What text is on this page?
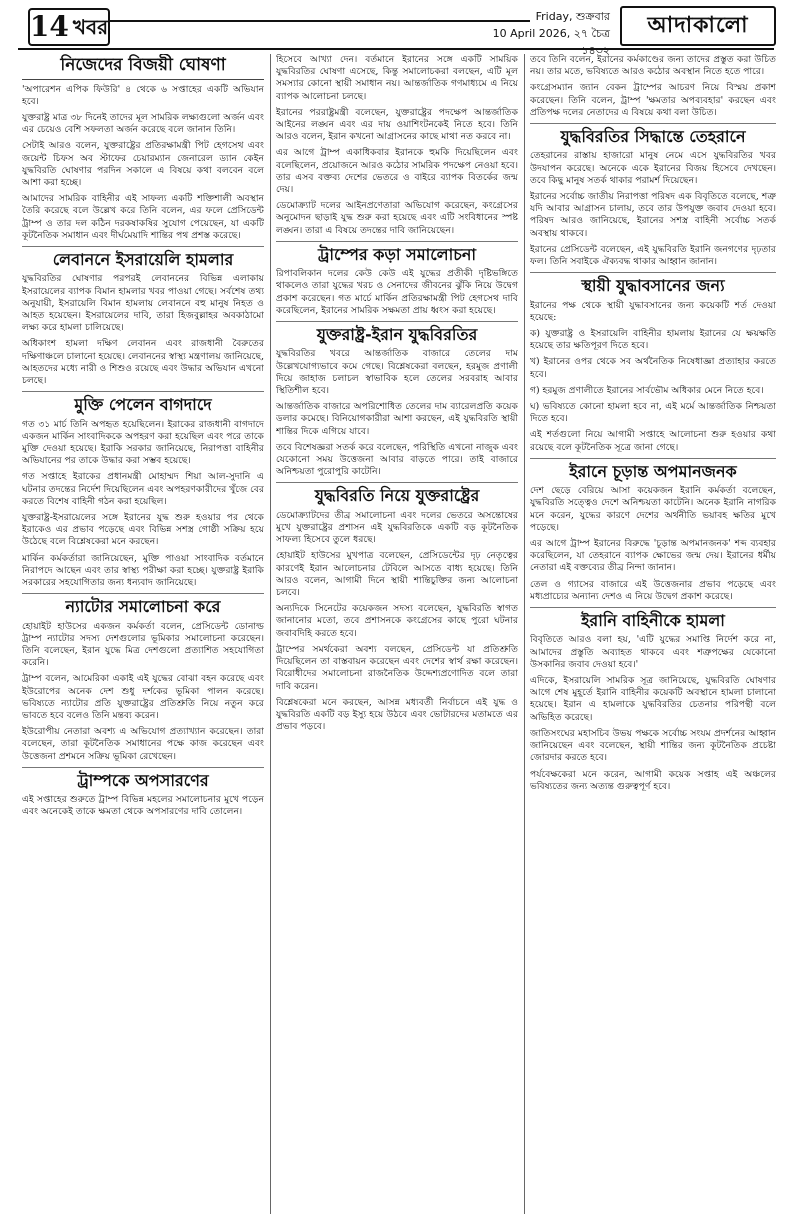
14 খবর	Friday, শুক্রবার
10 April 2026, ২৭ চৈত্র ১৪৩২
আদাকালো
নিজেদের বিজয়ী ঘোষণা

'অপারেশন এপিক ফিউরি' ৪ থেকে ৬ সপ্তাহের একটি অভিযান হবে।

যুক্তরাষ্ট্র মাত্র ৩৮ দিনেই তাদের মূল সামরিক লক্ষ্যগুলো অর্জন এবং এর চেয়েও বেশি সফলতা অর্জন করেছে বলে জানান তিনি।

সেটাই আরও বলেন, যুক্তরাষ্ট্রের প্রতিরক্ষামন্ত্রী পিট হেগসেথ এবং জয়েন্ট চিফস অব স্টাফের চেয়ারম্যান জেনারেল ড্যান কেইন যুদ্ধবিরতি ঘোষণার পরদিন সকালে এ বিষয়ে কথা বলবেন বলে আশা করা হচ্ছে।

আমাদের সামরিক বাহিনীর এই সাফল্য একটি শক্তিশালী অবস্থান তৈরি করেছে বলে উল্লেখ করে তিনি বলেন, এর ফলে প্রেসিডেন্ট ট্রাম্প ও তার দল কঠিন দরকষাকষির সুযোগ পেয়েছেন, যা একটি কূটনৈতিক সমাধান এবং দীর্ঘমেয়াদি শান্তির পথ প্রশস্ত করেছে।

লেবাননে ইসরায়েলি হামলার

যুদ্ধবিরতির ঘোষণার পরপরই লেবাননের বিভিন্ন এলাকায় ইসরায়েলের ব্যাপক বিমান হামলার খবর পাওয়া গেছে। সর্বশেষ তথ্য অনুযায়ী, ইসরায়েলি বিমান হামলায় লেবাননে বহু মানুষ নিহত ও আহত হয়েছেন। ইসরায়েলের দাবি, তারা হিজবুল্লাহর অবকাঠামো লক্ষ্য করে হামলা চালিয়েছে।

অধিকাংশ হামলা দক্ষিণ লেবানন এবং রাজধানী বৈরুতের দক্ষিণাঞ্চলে চালানো হয়েছে। লেবাননের স্বাস্থ্য মন্ত্রণালয় জানিয়েছে, আহতদের মধ্যে নারী ও শিশুও রয়েছে এবং উদ্ধার অভিযান এখনো চলছে।

মুক্তি পেলেন বাগদাদে

গত ৩১ মার্চ তিনি অপহৃত হয়েছিলেন। ইরাকের রাজধানী বাগদাদে একজন মার্কিন সাংবাদিককে অপহরণ করা হয়েছিল এবং পরে তাকে মুক্তি দেওয়া হয়েছে। ইরাকি সরকার জানিয়েছে, নিরাপত্তা বাহিনীর অভিযানের পর তাকে উদ্ধার করা সম্ভব হয়েছে।

গত সপ্তাহে ইরাকের প্রধানমন্ত্রী মোহাম্মদ শিয়া আল-সুদানি এ ঘটনার তদন্তের নির্দেশ দিয়েছিলেন এবং অপহরণকারীদের খুঁজে বের করতে বিশেষ বাহিনী গঠন করা হয়েছিল।

যুক্তরাষ্ট্র-ইসরায়েলের সঙ্গে ইরানের যুদ্ধ শুরু হওয়ার পর থেকে ইরাকেও এর প্রভাব পড়েছে এবং বিভিন্ন সশস্ত্র গোষ্ঠী সক্রিয় হয়ে উঠেছে বলে বিশ্লেষকেরা মনে করছেন।

মার্কিন কর্মকর্তারা জানিয়েছেন, মুক্তি পাওয়া সাংবাদিক বর্তমানে নিরাপদে আছেন এবং তার স্বাস্থ্য পরীক্ষা করা হচ্ছে। যুক্তরাষ্ট্র ইরাকি সরকারের সহযোগিতার জন্য ধন্যবাদ জানিয়েছে।

ন্যাটোর সমালোচনা করে

হোয়াইট হাউসের একজন কর্মকর্তা বলেন, প্রেসিডেন্ট ডোনাল্ড ট্রাম্প ন্যাটোর সদস্য দেশগুলোর ভূমিকার সমালোচনা করেছেন। তিনি বলেছেন, ইরান যুদ্ধে মিত্র দেশগুলো প্রত্যাশিত সহযোগিতা করেনি।

ট্রাম্প বলেন, আমেরিকা একাই এই যুদ্ধের বোঝা বহন করেছে এবং ইউরোপের অনেক দেশ শুধু দর্শকের ভূমিকা পালন করেছে। ভবিষ্যতে ন্যাটোর প্রতি যুক্তরাষ্ট্রের প্রতিশ্রুতি নিয়ে নতুন করে ভাবতে হবে বলেও তিনি মন্তব্য করেন।

ইউরোপীয় নেতারা অবশ্য এ অভিযোগ প্রত্যাখ্যান করেছেন। তারা বলেছেন, তারা কূটনৈতিক সমাধানের পক্ষে কাজ করেছেন এবং উত্তেজনা প্রশমনে সক্রিয় ভূমিকা রেখেছেন।

ট্রাম্পকে অপসারণের

এই সপ্তাহের শুরুতে ট্রাম্প বিভিন্ন মহলের সমালোচনার মুখে পড়েন এবং অনেকেই তাকে ক্ষমতা থেকে অপসারণের দাবি তোলেন।

হিসেবে আখ্যা দেন। বর্তমানে ইরানের সঙ্গে একটি সাময়িক যুদ্ধবিরতির ঘোষণা এসেছে, কিন্তু সমালোচকরা বলছেন, এটি মূল সমস্যার কোনো স্থায়ী সমাধান নয়। আন্তর্জাতিক গণমাধ্যমে এ নিয়ে ব্যাপক আলোচনা চলছে।

ইরানের পররাষ্ট্রমন্ত্রী বলেছেন, যুক্তরাষ্ট্রের পদক্ষেপ আন্তর্জাতিক আইনের লঙ্ঘন এবং এর দায় ওয়াশিংটনকেই নিতে হবে। তিনি আরও বলেন, ইরান কখনো আগ্রাসনের কাছে মাথা নত করবে না।

এর আগে ট্রাম্প একাধিকবার ইরানকে হুমকি দিয়েছিলেন এবং বলেছিলেন, প্রয়োজনে আরও কঠোর সামরিক পদক্ষেপ নেওয়া হবে। তার এসব বক্তব্য দেশের ভেতরে ও বাইরে ব্যাপক বিতর্কের জন্ম দেয়।

ডেমোক্র্যাট দলের আইনপ্রণেতারা অভিযোগ করেছেন, কংগ্রেসের অনুমোদন ছাড়াই যুদ্ধ শুরু করা হয়েছে এবং এটি সংবিধানের স্পষ্ট লঙ্ঘন। তারা এ বিষয়ে তদন্তের দাবি জানিয়েছেন।

ট্রাম্পের কড়া সমালোচনা

রিপাবলিকান দলের কেউ কেউ এই যুদ্ধের প্রতীকী দৃষ্টিভঙ্গিতে থাকলেও তারা যুদ্ধের খরচ ও সেনাদের জীবনের ঝুঁকি নিয়ে উদ্বেগ প্রকাশ করেছেন। গত মার্চে মার্কিন প্রতিরক্ষামন্ত্রী পিট হেগসেথ দাবি করেছিলেন, ইরানের সামরিক সক্ষমতা প্রায় ধ্বংস করা হয়েছে।

যুক্তরাষ্ট্র-ইরান যুদ্ধবিরতির

যুদ্ধবিরতির খবরে আন্তর্জাতিক বাজারে তেলের দাম উল্লেখযোগ্যভাবে কমে গেছে। বিশ্লেষকেরা বলছেন, হরমুজ প্রণালী দিয়ে জাহাজ চলাচল স্বাভাবিক হলে তেলের সরবরাহ আবার স্থিতিশীল হবে।

আন্তর্জাতিক বাজারে অপরিশোধিত তেলের দাম ব্যারেলপ্রতি কয়েক ডলার কমেছে। বিনিয়োগকারীরা আশা করছেন, এই যুদ্ধবিরতি স্থায়ী শান্তির দিকে এগিয়ে যাবে।

তবে বিশেষজ্ঞরা সতর্ক করে বলেছেন, পরিস্থিতি এখনো নাজুক এবং যেকোনো সময় উত্তেজনা আবার বাড়তে পারে। তাই বাজারে অনিশ্চয়তা পুরোপুরি কাটেনি।

যুদ্ধবিরতি নিয়ে যুক্তরাষ্ট্রের

ডেমোক্র্যাটদের তীব্র সমালোচনা এবং দলের ভেতরে অসন্তোষের মুখে যুক্তরাষ্ট্রের প্রশাসন এই যুদ্ধবিরতিকে একটি বড় কূটনৈতিক সাফল্য হিসেবে তুলে ধরছে।

হোয়াইট হাউসের মুখপাত্র বলেছেন, প্রেসিডেন্টের দৃঢ় নেতৃত্বের কারণেই ইরান আলোচনার টেবিলে আসতে বাধ্য হয়েছে। তিনি আরও বলেন, আগামী দিনে স্থায়ী শান্তিচুক্তির জন্য আলোচনা চলবে।

অন্যদিকে সিনেটের কয়েকজন সদস্য বলেছেন, যুদ্ধবিরতি স্বাগত জানানোর মতো, তবে প্রশাসনকে কংগ্রেসের কাছে পুরো ঘটনার জবাবদিহি করতে হবে।

ট্রাম্পের সমর্থকেরা অবশ্য বলছেন, প্রেসিডেন্ট যা প্রতিশ্রুতি দিয়েছিলেন তা বাস্তবায়ন করেছেন এবং দেশের স্বার্থ রক্ষা করেছেন। বিরোধীদের সমালোচনা রাজনৈতিক উদ্দেশ্যপ্রণোদিত বলে তারা দাবি করেন।

বিশ্লেষকেরা মনে করছেন, আসন্ন মধ্যবর্তী নির্বাচনে এই যুদ্ধ ও যুদ্ধবিরতি একটি বড় ইস্যু হয়ে উঠবে এবং ভোটারদের মতামতে এর প্রভাব পড়বে।

তবে তিনি বলেন, ইরানের কর্মকাণ্ডের জন্য তাদের প্রস্তুত করা উচিত নয়। তার মতে, ভবিষ্যতে আরও কঠোর অবস্থান নিতে হতে পারে।

কংগ্রেসম্যান জ্যান বেকন ট্রাম্পের আচরণ নিয়ে বিস্ময় প্রকাশ করেছেন। তিনি বলেন, ট্রাম্প 'ক্ষমতার অপব্যবহার' করছেন এবং প্রতিপক্ষ দলের নেতাদের এ বিষয়ে কথা বলা উচিত।

যুদ্ধবিরতির সিদ্ধান্তে তেহরানে

তেহরানের রাস্তায় হাজারো মানুষ নেমে এসে যুদ্ধবিরতির খবর উদযাপন করেছে। অনেকে একে ইরানের বিজয় হিসেবে দেখছেন। তবে কিছু মানুষ সতর্ক থাকার পরামর্শ দিয়েছেন।

ইরানের সর্বোচ্চ জাতীয় নিরাপত্তা পরিষদ এক বিবৃতিতে বলেছে, শত্রু যদি আবার আগ্রাসন চালায়, তবে তার উপযুক্ত জবাব দেওয়া হবে। পরিষদ আরও জানিয়েছে, ইরানের সশস্ত্র বাহিনী সর্বোচ্চ সতর্ক অবস্থায় থাকবে।

ইরানের প্রেসিডেন্ট বলেছেন, এই যুদ্ধবিরতি ইরানি জনগণের দৃঢ়তার ফল। তিনি সবাইকে ঐক্যবদ্ধ থাকার আহ্বান জানান।

স্থায়ী যুদ্ধাবসানের জন্য

ইরানের পক্ষ থেকে স্থায়ী যুদ্ধাবসানের জন্য কয়েকটি শর্ত দেওয়া হয়েছে:

ক) যুক্তরাষ্ট্র ও ইসরায়েলি বাহিনীর হামলায় ইরানের যে ক্ষয়ক্ষতি হয়েছে তার ক্ষতিপূরণ দিতে হবে।

খ) ইরানের ওপর থেকে সব অর্থনৈতিক নিষেধাজ্ঞা প্রত্যাহার করতে হবে।

গ) হরমুজ প্রণালীতে ইরানের সার্বভৌম অধিকার মেনে নিতে হবে।

ঘ) ভবিষ্যতে কোনো হামলা হবে না, এই মর্মে আন্তর্জাতিক নিশ্চয়তা দিতে হবে।

এই শর্তগুলো নিয়ে আগামী সপ্তাহে আলোচনা শুরু হওয়ার কথা রয়েছে বলে কূটনৈতিক সূত্রে জানা গেছে।

ইরানে চূড়ান্ত অপমানজনক

দেশ ছেড়ে বেরিয়ে আসা কয়েকজন ইরানি কর্মকর্তা বলেছেন, যুদ্ধবিরতি সত্ত্বেও দেশে অনিশ্চয়তা কাটেনি। অনেক ইরানি নাগরিক মনে করেন, যুদ্ধের কারণে দেশের অর্থনীতি ভয়াবহ ক্ষতির মুখে পড়েছে।

এর আগে ট্রাম্প ইরানের বিরুদ্ধে 'চূড়ান্ত অপমানজনক' শব্দ ব্যবহার করেছিলেন, যা তেহরানে ব্যাপক ক্ষোভের জন্ম দেয়। ইরানের ধর্মীয় নেতারা এই বক্তব্যের তীব্র নিন্দা জানান।

তেল ও গ্যাসের বাজারে এই উত্তেজনার প্রভাব পড়েছে এবং মধ্যপ্রাচ্যের অন্যান্য দেশও এ নিয়ে উদ্বেগ প্রকাশ করেছে।

ইরানি বাহিনীকে হামলা

বিবৃতিতে আরও বলা হয়, 'এটি যুদ্ধের সমাপ্তি নির্দেশ করে না, আমাদের প্রস্তুতি অব্যাহত থাকবে এবং শত্রুপক্ষের যেকোনো উসকানির জবাব দেওয়া হবে।'

এদিকে, ইসরায়েলি সামরিক সূত্র জানিয়েছে, যুদ্ধবিরতি ঘোষণার আগে শেষ মুহূর্তে ইরানি বাহিনীর কয়েকটি অবস্থানে হামলা চালানো হয়েছে। ইরান এ হামলাকে যুদ্ধবিরতির চেতনার পরিপন্থী বলে অভিহিত করেছে।

জাতিসংঘের মহাসচিব উভয় পক্ষকে সর্বোচ্চ সংযম প্রদর্শনের আহ্বান জানিয়েছেন এবং বলেছেন, স্থায়ী শান্তির জন্য কূটনৈতিক প্রচেষ্টা জোরদার করতে হবে।

পর্যবেক্ষকেরা মনে করেন, আগামী কয়েক সপ্তাহ এই অঞ্চলের ভবিষ্যতের জন্য অত্যন্ত গুরুত্বপূর্ণ হবে।
